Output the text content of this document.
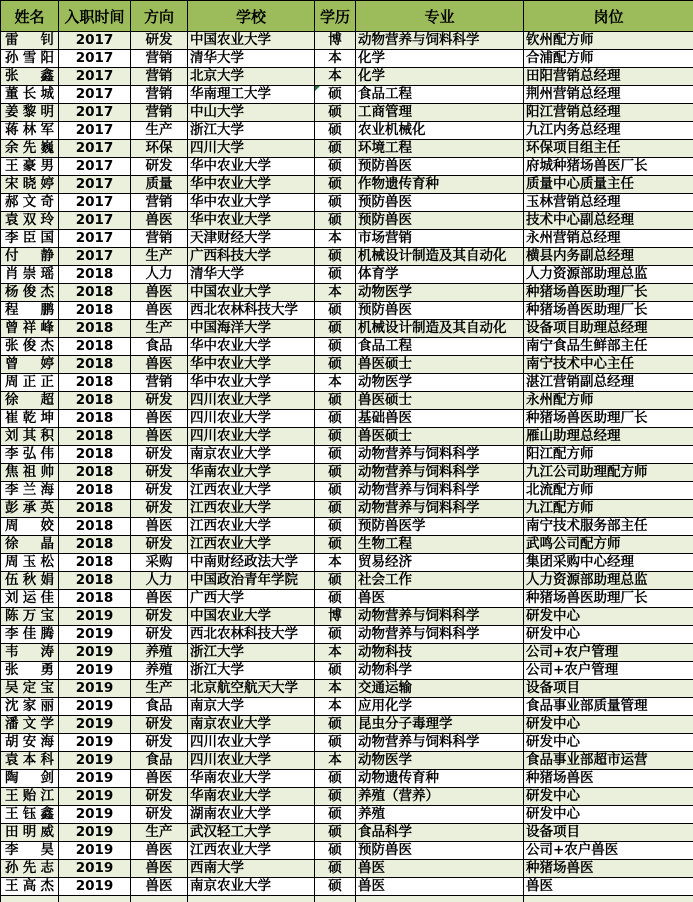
姓名	入职时间	方向	学校	学历	专业	岗位
雷　钊	2017	研发	中国农业大学	博	动物营养与饲料科学	钦州配方师
孙雪阳	2017	营销	清华大学	本	化学	合浦配方师
张　鑫	2017	营销	北京大学	本	化学	田阳营销总经理
董长城	2017	营销	华南理工大学	硕	食品工程	荆州营销总经理
姜黎明	2017	营销	中山大学	硕	工商管理	阳江营销总经理
蒋林军	2017	生产	浙江大学	硕	农业机械化	九江内务总经理
余先巍	2017	环保	四川大学	硕	环境工程	环保项目组主任
王豪男	2017	研发	华中农业大学	硕	预防兽医	府城种猪场兽医厂长
宋晓婷	2017	质量	华中农业大学	硕	作物遗传育种	质量中心质量主任
郝文奇	2017	营销	华中农业大学	硕	预防兽医	玉林营销总经理
袁双玲	2017	兽医	华中农业大学	硕	预防兽医	技术中心副总经理
李臣国	2017	营销	天津财经大学	本	市场营销	永州营销总经理
付　静	2017	生产	广西科技大学	硕	机械设计制造及其自动化	横县内务副总经理
肖崇瑶	2018	人力	清华大学	硕	体育学	人力资源部助理总监
杨俊杰	2018	兽医	中国农业大学	本	动物医学	种猪场兽医助理厂长
程　鹏	2018	兽医	西北农林科技大学	硕	预防兽医	种猪场兽医助理厂长
曾祥峰	2018	生产	中国海洋大学	硕	机械设计制造及其自动化	设备项目助理总经理
张俊杰	2018	食品	华中农业大学	硕	食品工程	南宁食品生鲜部主任
曾　婷	2018	兽医	华中农业大学	硕	兽医硕士	南宁技术中心主任
周正正	2018	营销	华中农业大学	本	动物医学	湛江营销副总经理
徐　超	2018	研发	四川农业大学	硕	兽医硕士	永州配方师
崔乾坤	2018	兽医	四川农业大学	硕	基础兽医	种猪场兽医助理厂长
刘其积	2018	兽医	四川农业大学	硕	兽医硕士	雁山助理总经理
李弘伟	2018	研发	南京农业大学	硕	动物营养与饲料科学	阳江配方师
焦祖帅	2018	研发	华南农业大学	硕	动物营养与饲料科学	九江公司助理配方师
李兰海	2018	研发	江西农业大学	硕	动物营养与饲料科学	北流配方师
彭承英	2018	研发	江西农业大学	硕	动物营养与饲料科学	九江配方师
周　姣	2018	兽医	江西农业大学	硕	预防兽医学	南宁技术服务部主任
徐　晶	2018	研发	江西农业大学	硕	生物工程	武鸣公司配方师
周玉松	2018	采购	中南财经政法大学	本	贸易经济	集团采购中心经理
伍秋娟	2018	人力	中国政治青年学院	硕	社会工作	人力资源部助理总监
刘运佳	2018	兽医	广西大学	硕	兽医	种猪场兽医助理厂长
陈万宝	2019	研发	中国农业大学	博	动物营养与饲料科学	研发中心
李佳腾	2019	研发	西北农林科技大学	硕	动物营养与饲料科学	研发中心
韦　涛	2019	养殖	浙江大学	本	动物科技	公司+农户管理
张　勇	2019	养殖	浙江大学	硕	动物科学	公司+农户管理
吴定宝	2019	生产	北京航空航天大学	本	交通运输	设备项目
沈家丽	2019	食品	南京大学	本	应用化学	食品事业部质量管理
潘文学	2019	研发	南京农业大学	硕	昆虫分子毒理学	研发中心
胡安海	2019	研发	四川农业大学	硕	动物营养与饲料科学	研发中心
袁本科	2019	食品	四川农业大学	本	动物医学	食品事业部超市运营
陶　剑	2019	兽医	华南农业大学	硕	动物遗传育种	种猪场兽医
王贻江	2019	研发	华南农业大学	硕	养殖（营养）	研发中心
王钰鑫	2019	研发	湖南农业大学	硕	养殖	研发中心
田明威	2019	生产	武汉轻工大学	硕	食品科学	设备项目
李　昊	2019	兽医	江西农业大学	硕	预防兽医	公司+农户兽医
孙先志	2019	兽医	西南大学	硕	兽医	种猪场兽医
王高杰	2019	兽医	南京农业大学	硕	兽医	兽医
